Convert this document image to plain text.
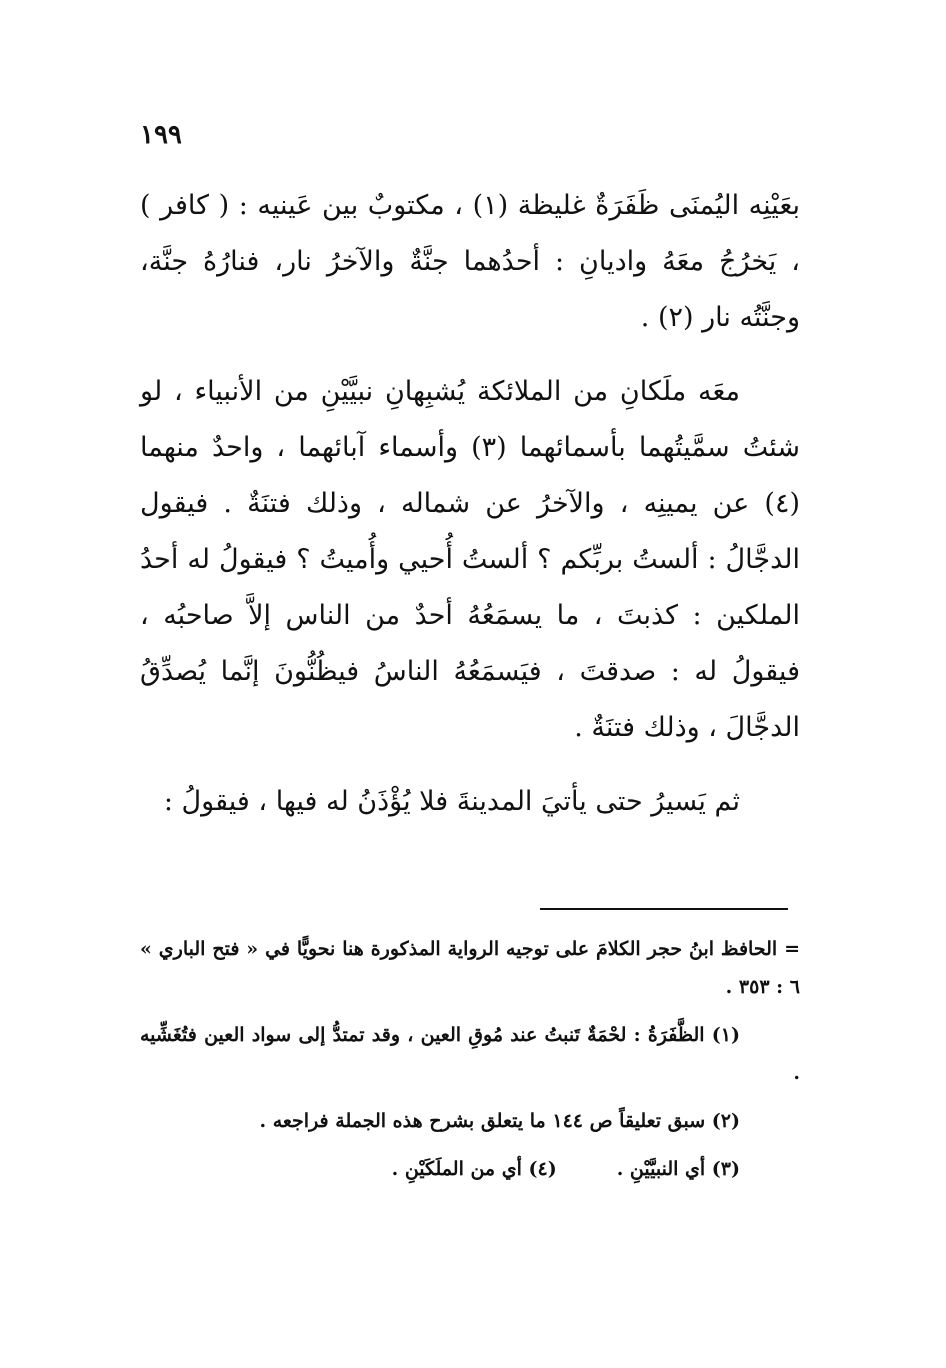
١٩٩

بعَيْنِه اليُمنَى ظَفَرَةٌ غليظة (١) ، مكتوبٌ بين عَينيه : ( كافر ) ، يَخرُجُ معَهُ واديانِ : أحدُهما جنَّةٌ والآخرُ نار، فنارُهُ جنَّة، وجنَّتُه نار (٢) .

معَه ملَكانِ من الملائكة يُشبِهانِ نبيَّيْنِ من الأنبياء ، لو شئتُ سمَّيتُهما بأسمائهما (٣) وأسماء آبائهما ، واحدٌ منهما (٤) عن يمينِه ، والآخرُ عن شماله ، وذلك فتنَةٌ . فيقول الدجَّالُ : ألستُ بربِّكم ؟ ألستُ أُحيي وأُميتُ ؟ فيقولُ له أحدُ الملكين : كذبتَ ، ما يسمَعُهُ أحدٌ من الناس إلاَّ صاحبُه ، فيقولُ له : صدقتَ ، فيَسمَعُهُ الناسُ فيظُنُّونَ إنَّما يُصدِّقُ الدجَّالَ ، وذلك فتنَةٌ .

ثم يَسيرُ حتى يأتيَ المدينةَ فلا يُؤْذَنُ له فيها ، فيقولُ :

= الحافظ ابنُ حجر الكلامَ على توجيه الرواية المذكورة هنا نحويًّا في « فتح الباري » ٦ : ٣٥٣ .

(١) الظَّفَرَةُ : لحْمَةٌ تَنبتُ عند مُوقِ العين ، وقد تمتدُّ إلى سواد العين فتُغَشِّيه .

(٢) سبق تعليقاً ص ١٤٤ ما يتعلق بشرح هذه الجملة فراجعه .

(٣) أي النبيَّيْنِ .
(٤) أي من الملَكَيْنِ .
